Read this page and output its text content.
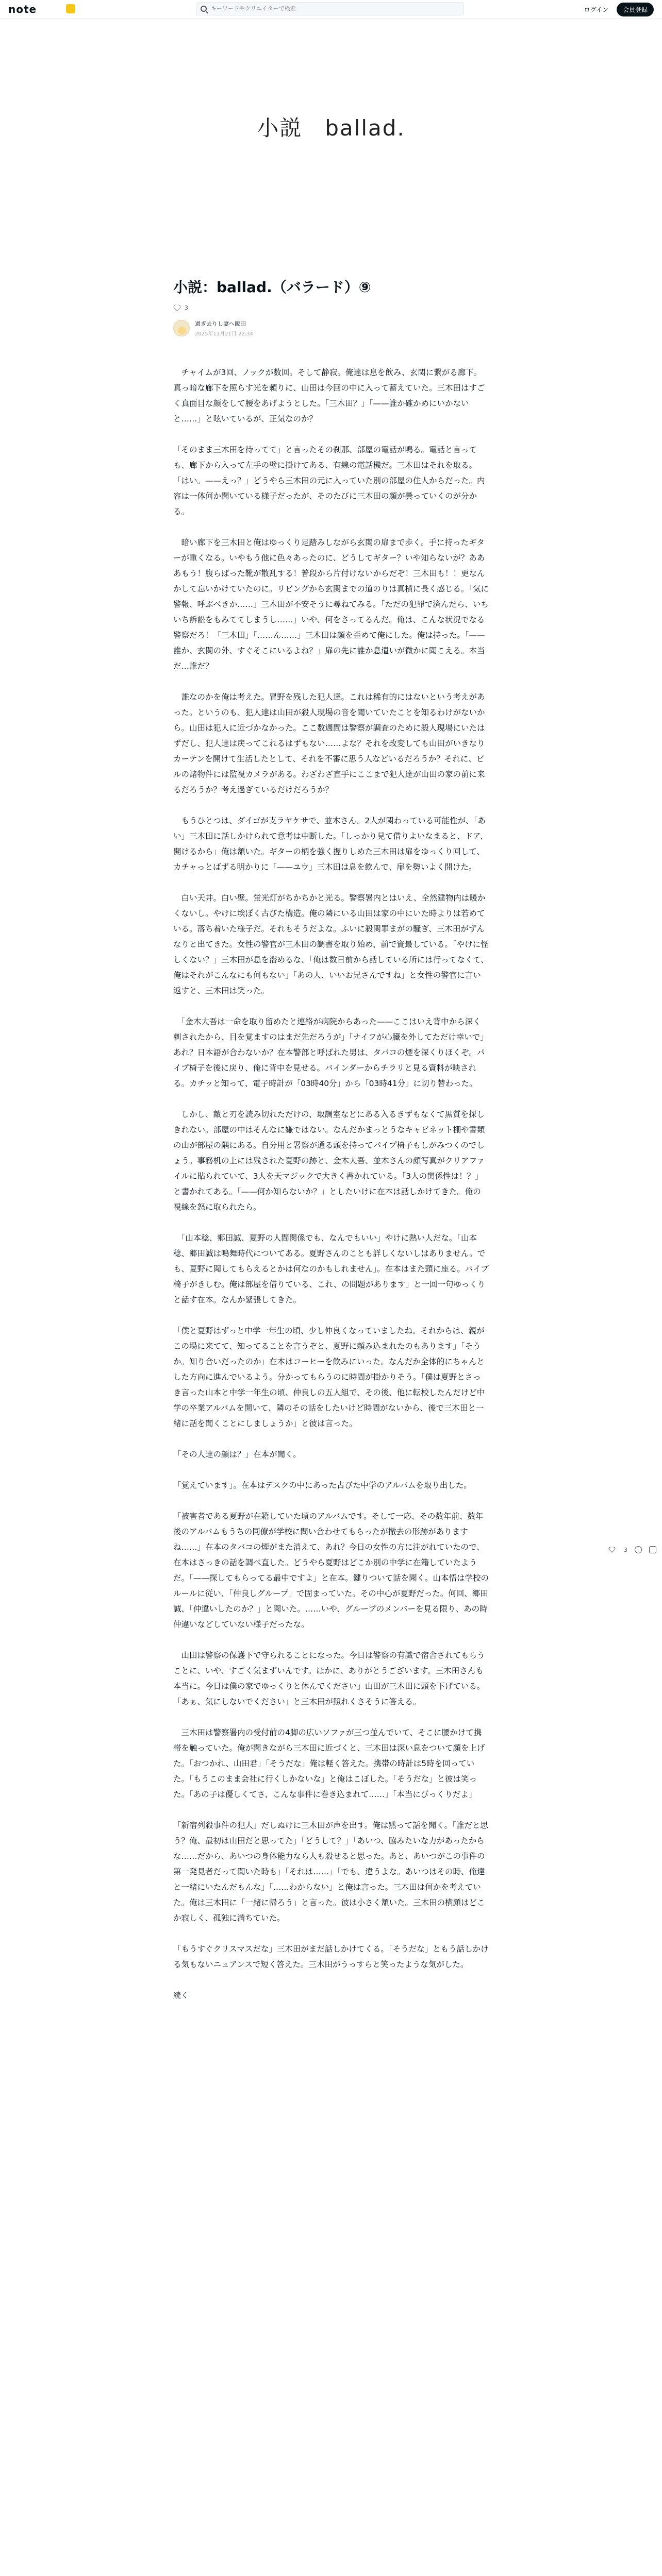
note
キーワードやクリエイターで検索	ログイン	会員登録
小説　ballad.
小説：ballad.（バラード）⑨
3
過ぎ去りし妻へ飯田
2025年11月21日 22:34

　チャイムが3回、ノックが数回。そして静寂。俺達は息を飲み、玄関に繋がる廊下。真っ暗な廊下を照らす光を頼りに、山田は今回の中に入って蓄えていた。三木田はすごく真面目な顔をして腰をあげようとした。「三木田？」「——誰か確かめにいかないと……」と呟いているが、正気なのか？

「そのまま三木田を待ってて」と言ったその刹那、部屋の電話が鳴る。電話と言っても、廊下から入って左手の壁に掛けてある、有線の電話機だ。三木田はそれを取る。「はい。——えっ？」どうやら三木田の元に入っていた別の部屋の住人からだった。内容は一体何か聞いている様子だったが、そのたびに三木田の顔が曇っていくのが分かる。

　暗い廊下を三木田と俺はゆっくり足踏みしながら玄関の扉まで歩く。手に持ったギターが重くなる。いやもう他に色々あったのに、どうしてギター？いや知らないが？あああもう！腹らばった靴が散乱する！普段から片付けないからだぞ！三木田も！！更なんかして忘いかけていたのに。リビングから玄関までの道のりは真横に長く感じる。「気に警報、呼ぶべきか……」三木田が不安そうに尋ねてみる。「ただの犯罪で済んだら、いちいち訴訟をもみててしまうし……」いや、何をさってるんだ。俺は、こんな状況でなる警察だろ！「三木田」「……ん……」三木田は顔を歪めて俺にした。俺は持った。「——誰か、玄関の外、すぐそこにいるよね？」扉の先に誰か息遣いが微かに聞こえる。本当だ…誰だ？

　誰なのかを俺は考えた。冒野を残した犯人達。これは稀有的にはないという考えがあった。というのも、犯人達は山田が殺人現場の音を聞いていたことを知るわけがないから。山田は犯人に近づかなかった。ここ数週間は警察が調査のために殺人現場にいたはずだし、犯人達は戻ってこれるはずもない……よな？それを改変しても山田がいきなりカーテンを開けて生活したとして、それを不審に思う人などいるだろうか？それに、ビルの諸物件には監視カメラがある。わざわざ直手にここまで犯人達が山田の家の前に来るだろうか？考え過ぎているだけだろうか？

　もうひとつは、ダイゴが支ラヤケサで、並木さん。2人が関わっている可能性が、「あい」三木田に話しかけられて意考は中断した。「しっかり見て借りよいなまると、ドア、開けるから」俺は頷いた。ギターの柄を強く握りしめた三木田は扉をゆっくり回して、カチャっとばずる明かりに「——ユウ」三木田は息を飲んで、扉を勢いよく開けた。

　白い天井。白い壁。蛍光灯がちかちかと光る。警察署内とはいえ、全然建物内は暖かくないし。やけに埃ぽく古びた構造。俺の隣にいる山田は家の中にいた時よりは若めている。落ち着いた様子だ。それもそうだよな。ふいに殺関罪まがの騒ぎ、三木田がずんなりと出てきた。女性の警官が三木田の調書を取り始め、前で資最している。「やけに怪しくない？」三木田が息を潜めるな、「俺は数日前から話している所には行ってなくて、俺はそれがこんなにも何もない」「あの人、いいお兄さんですね」と女性の警官に言い返すと、三木田は笑った。

　「金木大吾は一命を取り留めたと連絡が病院からあった——ここはいえ背中から深く刺されたから、目を覚ますのはまだ先だろうが」「ナイフが心臓を外してただけ幸いで」あれ？日本語が合わないか？在本警部と呼ばれた男は、タバコの煙を深くりほくぞ。パイプ椅子を後に戻り、俺に背中を見せる。バインダーからチラリと見る資料が映される。カチッと知って、電子時計が「03時40分」から「03時41分」に切り替わった。

　しかし、敵と刃を読み切れただけの、取調室などにある入るきずもなくて黒質を探しきれない。部屋の中はそんなに嫌ではない。なんだかまっとうなキャビネット棚や書類の山が部屋の隅にある。自分用と署察が通る頭を持ってパイプ椅子もしがみつくのでしょう。事務机の上には残された夏野の跡と、金木大吾、並木さんの顔写真がクリアファイルに貼られていて、3人を天マジックで大きく書かれている。「3人の関係性は！？」と書かれてある。「——何か知らないか？」としたいけに在本は話しかけてきた。俺の視線を怒に取られたら。

　「山本稔、郷田誠、夏野の人間関係でも、なんでもいい」やけに熱い人だな。「山本稔、郷田誠は鳴舞時代についてある。夏野さんのことも詳しくないしはありません。でも、夏野に聞してもらえるとかは何なのかもしれません」。在本はまた頭に座る。パイプ椅子がきしむ。俺は部屋を借りている、これ、の問題があります」と一回一句ゆっくりと話す在本。なんか緊張してきた。

「僕と夏野はずっと中学一年生の頃、少し仲良くなっていましたね。それからは、親がこの場に来てて、知ってることを言うぞと、夏野に頼み込まれたのもあります」「そうか。知り合いだったのか」在本はコーヒーを飲みにいった。なんだか全体的にちゃんとした方向に進んでいるよう。分かってもらうのに時間が掛かりそう。「僕は夏野とさっき言った山本と中学一年生の頃、仲良しの五人組で、その後、他に転校したんだけど中学の卒業アルバムを開いて、隣のその話をしたいけど時間がないから、後で三木田と一緒に話を聞くことにしましょうか」と彼は言った。

「その人達の顔は？」在本が聞く。

「覚えています」。在本はデスクの中にあった古びた中学のアルバムを取り出した。

「被害者である夏野が在籍していた頃のアルバムです。そして一応、その数年前、数年後のアルバムもうちの同僚が学校に問い合わせてもらったが撤去の形跡がありますね……」在本のタバコの煙がまた消えて、あれ？今日の女性の方に注がれていたので、在本はさっきの話を調べ直した。どうやら夏野はどこか別の中学に在籍していたようだ。「——探してもらってる最中ですよ」と在本。鍵りついて話を聞く。山本悟は学校のルールに従い、「仲良しグループ」で固まっていた。その中心が夏野だった。何回、郷田誠、「仲違いしたのか？」と聞いた。……いや、グループのメンバーを見る限り、あの時仲違いなどしていない様子だったな。

　山田は警察の保護下で守られることになった。今日は警察の有識で宿舎されてもらうことに、いや、すごく気まずいんです。ほかに、ありがとうございます。三木田さんも本当に。今日は僕の家でゆっくりと休んでください」山田が三木田に頭を下げている。「あぁ、気にしないでください」と三木田が照れくさそうに答える。

　三木田は警察署内の受付前の4脚の広いソファが三つ並んでいて、そこに腰かけて携帯を触っていた。俺が聞きながら三木田に近づくと、三木田は深い息をついて顔を上げた。「おつかれ、山田君」「そうだな」俺は軽く答えた。携帯の時計は5時を回っていた。「もうこのまま会社に行くしかないな」と俺はこぼした。「そうだな」と彼は笑った。「あの子は優しくてさ、こんな事件に巻き込まれて……」「本当にびっくりだよ」

「新宿列殺事件の犯人」だしぬけに三木田が声を出す。俺は黙って話を聞く。「誰だと思う？俺、最初は山田だと思ってた」「どうして？」「あいつ、脇みたいな力があったからな……だから、あいつの身体能力なら人も殺せると思った。あと、あいつがこの事件の第一発見者だって聞いた時も」「それは……」「でも、違うよな。あいつはその時、俺達と一緒にいたんだもんな」「……わからない」と俺は言った。三木田は何かを考えていた。俺は三木田に「一緒に帰ろう」と言った。彼は小さく頷いた。三木田の横顔はどこか寂しく、孤独に満ちていた。

「もうすぐクリスマスだな」三木田がまだ話しかけてくる。「そうだな」ともう話しかける気もないニュアンスで短く答えた。三木田がうっすらと笑ったような気がした。

続く
3
